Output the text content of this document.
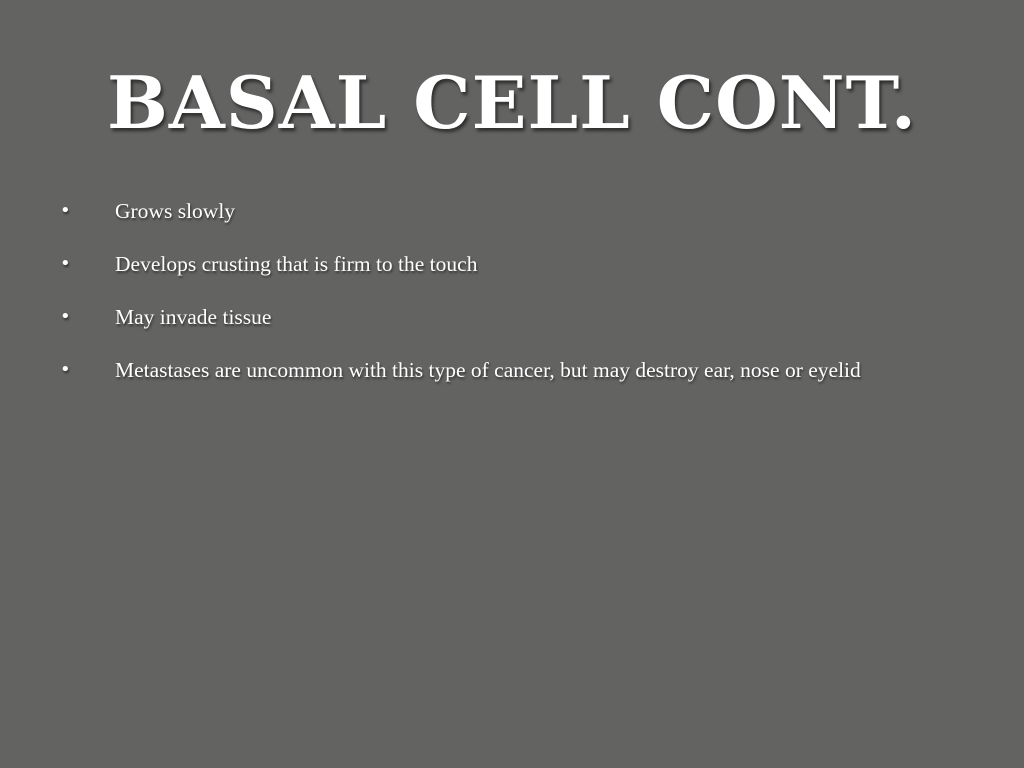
BASAL CELL CONT.
•	Grows slowly
•	Develops crusting that is firm to the touch
•	May invade tissue
•	Metastases are uncommon with this type of cancer, but may destroy ear, nose or eyelid
